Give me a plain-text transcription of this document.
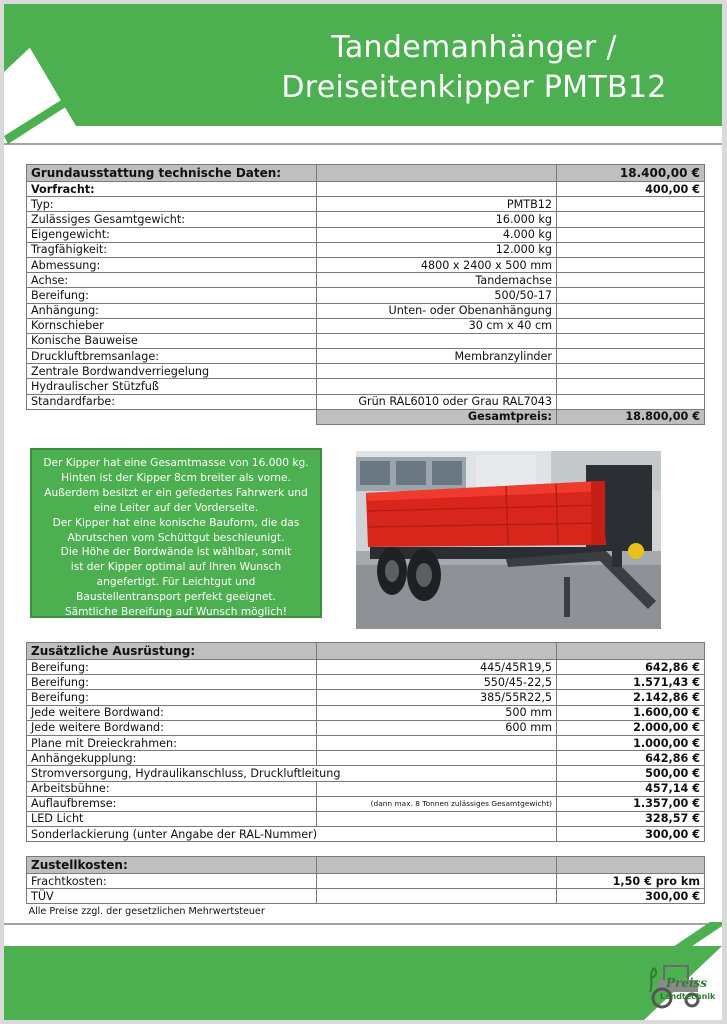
Tandemanhänger /
Dreiseitenkipper PMTB12
Grundausstattung technische Daten:		18.400,00 €
Vorfracht:		400,00 €
Typ:	PMTB12	
Zulässiges Gesamtgewicht:	16.000 kg	
Eigengewicht:	4.000 kg	
Tragfähigkeit:	12.000 kg	
Abmessung:	4800 x 2400 x 500 mm	
Achse:	Tandemachse	
Bereifung:	500/50-17	
Anhängung:	Unten- oder Obenanhängung	
Kornschieber	30 cm x 40 cm	
Konische Bauweise		
Druckluftbremsanlage:	Membranzylinder	
Zentrale Bordwandverriegelung		
Hydraulischer Stützfuß		
Standardfarbe:	Grün RAL6010 oder Grau RAL7043	
	Gesamtpreis:	18.800,00 €

Der Kipper hat eine Gesamtmasse von 16.000 kg.

Hinten ist der Kipper 8cm breiter als vorne.

Außerdem besitzt er ein gefedertes Fahrwerk und

eine Leiter auf der Vorderseite.

Der Kipper hat eine konische Bauform, die das

Abrutschen vom Schüttgut beschleunigt.

Die Höhe der Bordwände ist wählbar, somit

ist der Kipper optimal auf Ihren Wunsch

angefertigt. Für Leichtgut und

Baustellentransport perfekt geeignet.

Sämtliche Bereifung auf Wunsch möglich!

Zusätzliche Ausrüstung:		
Bereifung:	445/45R19,5	642,86 €
Bereifung:	550/45-22,5	1.571,43 €
Bereifung:	385/55R22,5	2.142,86 €
Jede weitere Bordwand:	500 mm	1.600,00 €
Jede weitere Bordwand:	600 mm	2.000,00 €
Plane mit Dreieckrahmen:		1.000,00 €
Anhängekupplung:		642,86 €
Stromversorgung, Hydraulikanschluss, Druckluftleitung		500,00 €
Arbeitsbühne:		457,14 €
Auflaufbremse:	(dann max. 8 Tonnen zulässiges Gesamtgewicht)	1.357,00 €
LED Licht		328,57 €
Sonderlackierung (unter Angabe der RAL-Nummer)		300,00 €
Zustellkosten:		
Frachtkosten:		1,50 € pro km
TÜV		300,00 €
Alle Preise zzgl. der gesetzlichen Mehrwertsteuer		
Preiss
Landtechnik
